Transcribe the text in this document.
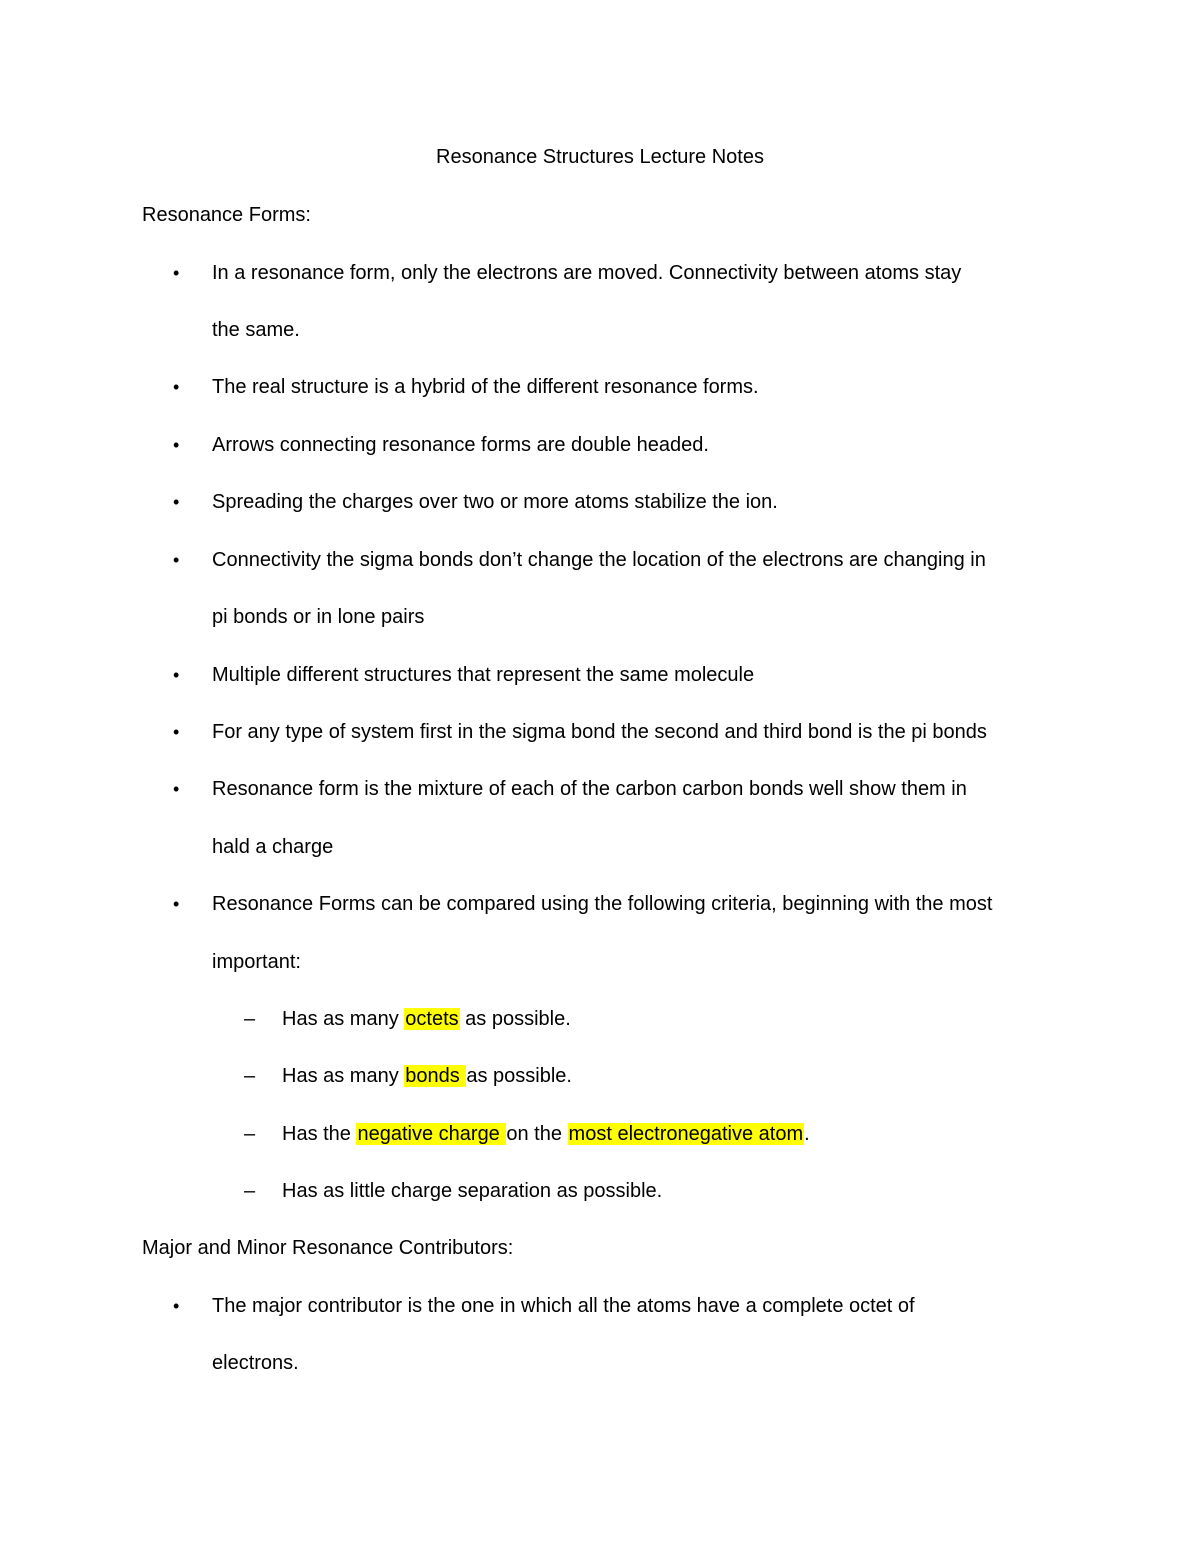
Resonance Structures Lecture Notes
Resonance Forms:
• In a resonance form, only the electrons are moved. Connectivity between atoms stay
the same.
• The real structure is a hybrid of the different resonance forms.
• Arrows connecting resonance forms are double headed.
• Spreading the charges over two or more atoms stabilize the ion.
• Connectivity the sigma bonds don’t change the location of the electrons are changing in
pi bonds or in lone pairs
• Multiple different structures that represent the same molecule
• For any type of system first in the sigma bond the second and third bond is the pi bonds
• Resonance form is the mixture of each of the carbon carbon bonds well show them in
hald a charge
• Resonance Forms can be compared using the following criteria, beginning with the most
important:
– Has as many octets as possible.
– Has as many bonds as possible.
– Has the negative charge on the most electronegative atom.
– Has as little charge separation as possible.
Major and Minor Resonance Contributors:
• The major contributor is the one in which all the atoms have a complete octet of
electrons.
